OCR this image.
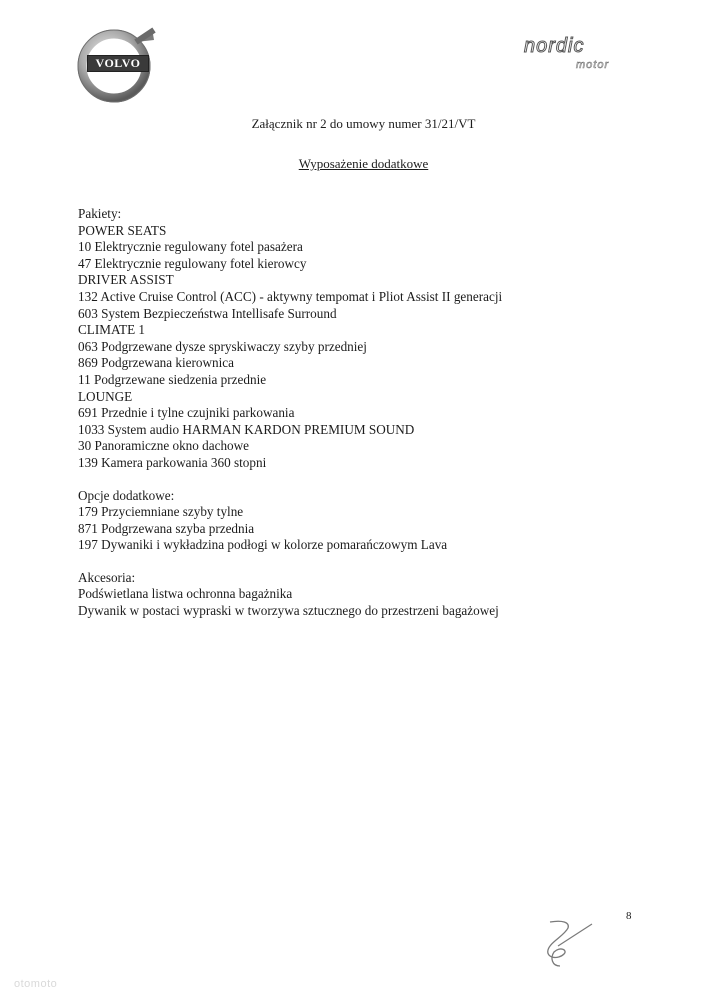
VOLVO
nordic
motor
Załącznik nr 2 do umowy numer 31/21/VT
Wyposażenie dodatkowe
Pakiety:
POWER SEATS
10 Elektrycznie regulowany fotel pasażera
47 Elektrycznie regulowany fotel kierowcy
DRIVER ASSIST
132 Active Cruise Control (ACC) - aktywny tempomat i Pliot Assist II generacji
603 System Bezpieczeństwa Intellisafe Surround
CLIMATE 1
063 Podgrzewane dysze spryskiwaczy szyby przedniej
869 Podgrzewana kierownica
11 Podgrzewane siedzenia przednie
LOUNGE
691 Przednie i tylne czujniki parkowania
1033 System audio HARMAN KARDON PREMIUM SOUND
30 Panoramiczne okno dachowe
139 Kamera parkowania 360 stopni
Opcje dodatkowe:
179 Przyciemniane szyby tylne
871 Podgrzewana szyba przednia
197 Dywaniki i wykładzina podłogi w kolorze pomarańczowym Lava
Akcesoria:
Podświetlana listwa ochronna bagażnika
Dywanik w postaci wypraski w tworzywa sztucznego do przestrzeni bagażowej
8
otomoto
